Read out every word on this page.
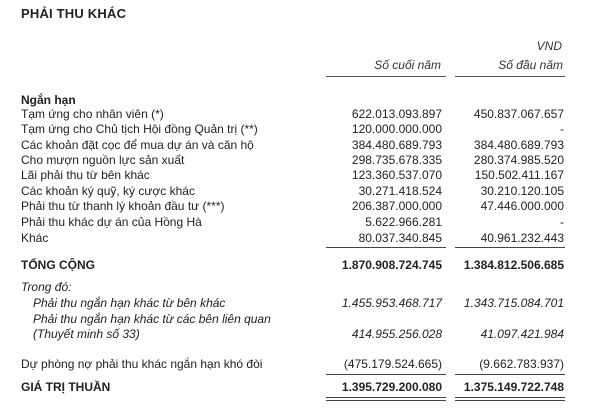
PHẢI THU KHÁC
VND
Số cuối năm	Số đầu năm
Ngắn hạn
Tạm ứng cho nhân viên (*)	622.013.093.897	450.837.067.657
Tạm ứng cho Chủ tịch Hội đồng Quản trị (**)	120.000.000.000	-
Các khoản đặt cọc để mua dự án và căn hộ	384.480.689.793	384.480.689.793
Cho mượn nguồn lực sản xuất	298.735.678.335	280.374.985.520
Lãi phải thu từ bên khác	123.360.537.070	150.502.411.167
Các khoản ký quỹ, ký cược khác	30.271.418.524	30.210.120.105
Phải thu từ thanh lý khoản đầu tư (***)	206.387.000.000	47.446.000.000
Phải thu khác dự án của Hồng Hà	5.622.966.281	-
Khác	80.037.340.845	40.961.232.443
TỔNG CỘNG	1.870.908.724.745 1.384.812.506.685
Trong đó:
Phải thu ngắn hạn khác từ bên khác	1.455.953.468.717 1.343.715.084.701
Phải thu ngắn hạn khác từ các bên liên quan
(Thuyết minh số 33)	414.955.256.028	41.097.421.984
Dự phòng nợ phải thu khác ngắn hạn khó đòi	(475.179.524.665)	(9.662.783.937)
GIÁ TRỊ THUẦN	1.395.729.200.080 1.375.149.722.748
